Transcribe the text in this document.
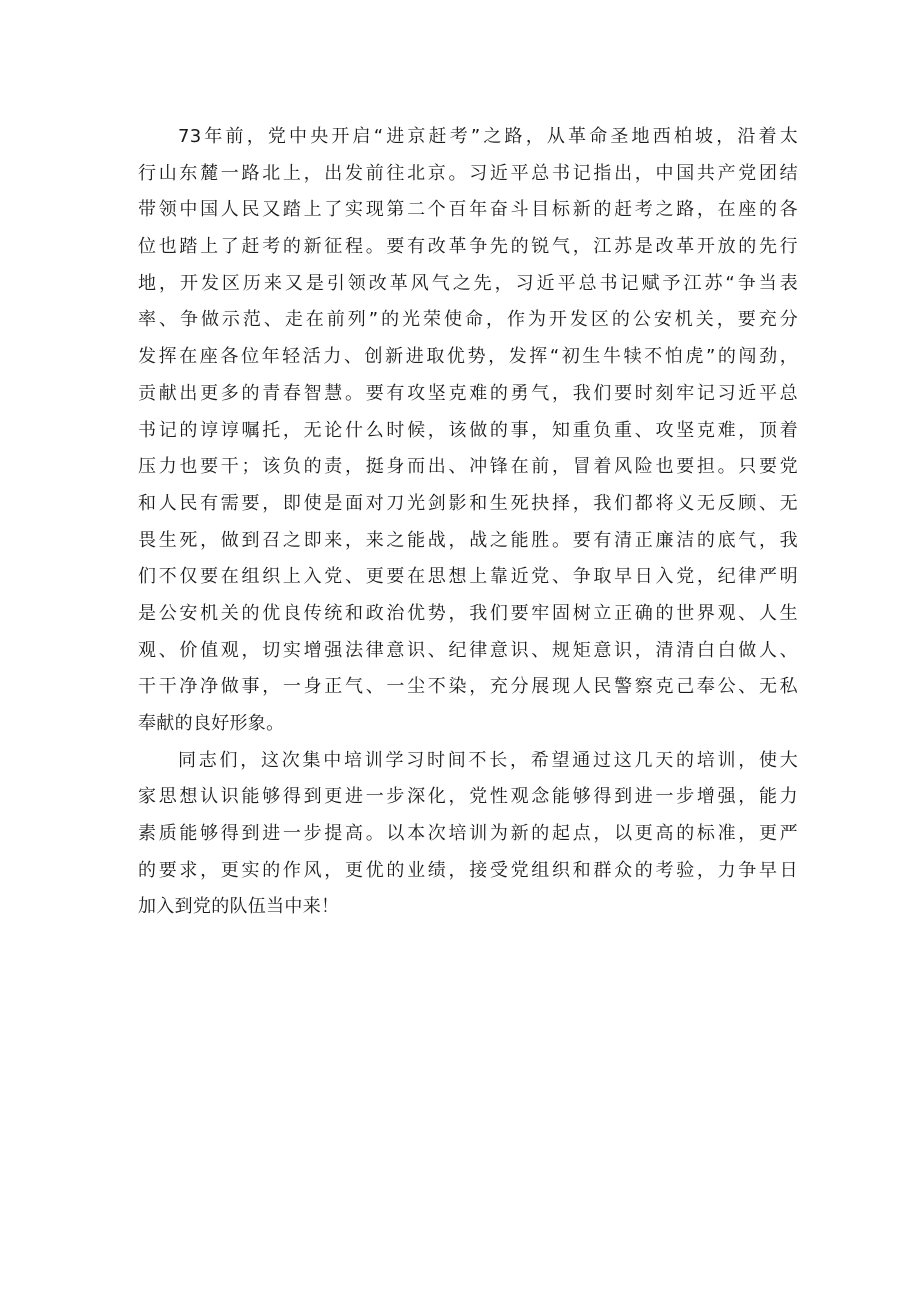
73年前，党中央开启“进京赶考”之路，从革命圣地西柏坡，沿着太
行山东麓一路北上，出发前往北京。习近平总书记指出，中国共产党团结
带领中国人民又踏上了实现第二个百年奋斗目标新的赶考之路，在座的各
位也踏上了赶考的新征程。要有改革争先的锐气，江苏是改革开放的先行
地，开发区历来又是引领改革风气之先，习近平总书记赋予江苏“争当表
率、争做示范、走在前列”的光荣使命，作为开发区的公安机关，要充分
发挥在座各位年轻活力、创新进取优势，发挥“初生牛犊不怕虎”的闯劲，
贡献出更多的青春智慧。要有攻坚克难的勇气，我们要时刻牢记习近平总
书记的谆谆嘱托，无论什么时候，该做的事，知重负重、攻坚克难，顶着
压力也要干；该负的责，挺身而出、冲锋在前，冒着风险也要担。只要党
和人民有需要，即使是面对刀光剑影和生死抉择，我们都将义无反顾、无
畏生死，做到召之即来，来之能战，战之能胜。要有清正廉洁的底气，我
们不仅要在组织上入党、更要在思想上靠近党、争取早日入党，纪律严明
是公安机关的优良传统和政治优势，我们要牢固树立正确的世界观、人生
观、价值观，切实增强法律意识、纪律意识、规矩意识，清清白白做人、
干干净净做事，一身正气、一尘不染，充分展现人民警察克己奉公、无私
奉献的良好形象。
同志们，这次集中培训学习时间不长，希望通过这几天的培训，使大
家思想认识能够得到更进一步深化，党性观念能够得到进一步增强，能力
素质能够得到进一步提高。以本次培训为新的起点，以更高的标准，更严
的要求，更实的作风，更优的业绩，接受党组织和群众的考验，力争早日
加入到党的队伍当中来！
